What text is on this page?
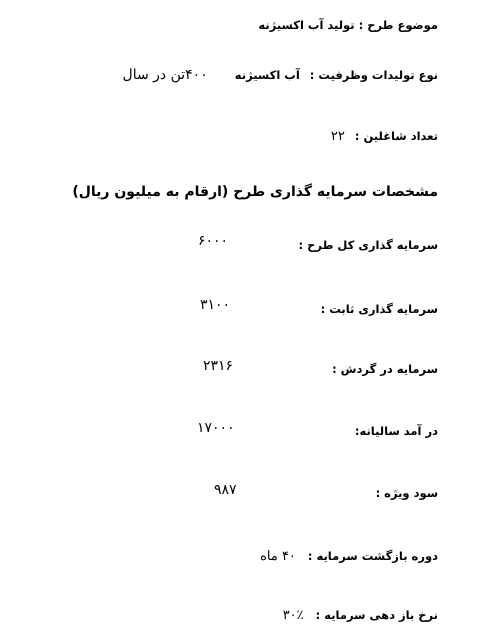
موضوع طرح : تولید آب اکسیژنه
نوع تولیدات وظرفیت : آب اکسیژنه ۴۰۰تن در سال
تعداد شاغلین : ۲۲
مشخصات سرمایه گذاری طرح (ارقام به میلیون ریال)
سرمایه گذاری کل طرح :
۶۰۰۰
سرمایه گذاری ثابت :
۳۱۰۰
سرمایه در گردش :
۲۳۱۶
در آمد سالیانه:
۱۷۰۰۰
سود ویژه :
۹۸۷
دوره بازگشت سرمایه : ۴۰ ماه
نرخ باز دهی سرمایه : ٪۳۰
